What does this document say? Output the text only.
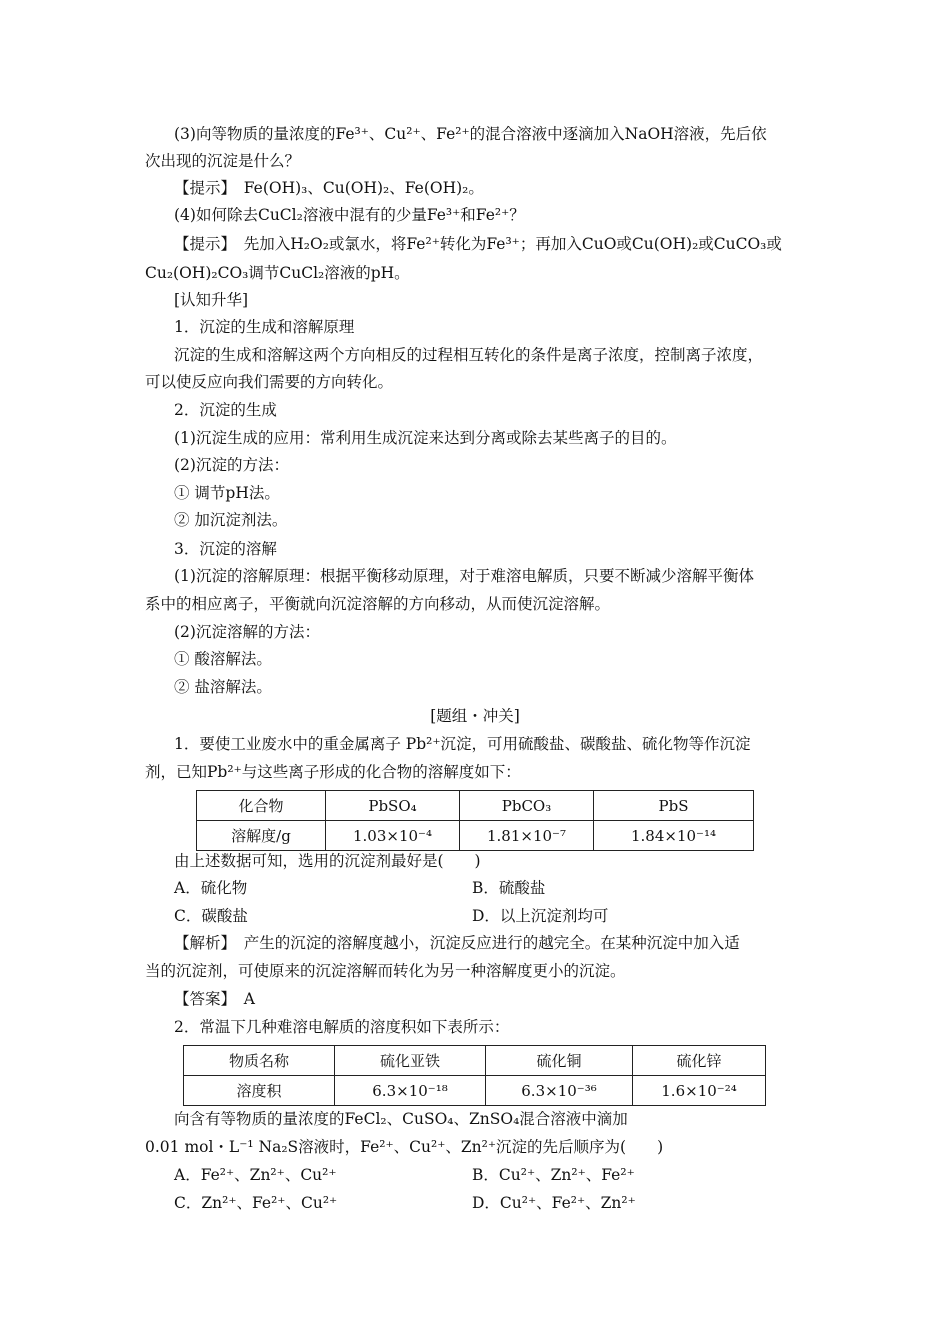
(3)向等物质的量浓度的Fe³⁺、Cu²⁺、Fe²⁺的混合溶液中逐滴加入NaOH溶液，先后依
次出现的沉淀是什么？
【提示】　Fe(OH)₃、Cu(OH)₂、Fe(OH)₂。
(4)如何除去CuCl₂溶液中混有的少量Fe³⁺和Fe²⁺？
【提示】　先加入H₂O₂或氯水，将Fe²⁺转化为Fe³⁺；再加入CuO或Cu(OH)₂或CuCO₃或
Cu₂(OH)₂CO₃调节CuCl₂溶液的pH。
[认知升华]
1．沉淀的生成和溶解原理
沉淀的生成和溶解这两个方向相反的过程相互转化的条件是离子浓度，控制离子浓度，
可以使反应向我们需要的方向转化。
2．沉淀的生成
(1)沉淀生成的应用：常利用生成沉淀来达到分离或除去某些离子的目的。
(2)沉淀的方法：
① 调节pH法。
② 加沉淀剂法。
3．沉淀的溶解
(1)沉淀的溶解原理：根据平衡移动原理，对于难溶电解质，只要不断减少溶解平衡体
系中的相应离子，平衡就向沉淀溶解的方向移动，从而使沉淀溶解。
(2)沉淀溶解的方法：
① 酸溶解法。
② 盐溶解法。
[题组・冲关]
1．要使工业废水中的重金属离子 Pb²⁺沉淀，可用硫酸盐、碳酸盐、硫化物等作沉淀
剂，已知Pb²⁺与这些离子形成的化合物的溶解度如下：
化合物	PbSO₄	PbCO₃	PbS
溶解度/g	1.03×10⁻⁴	1.81×10⁻⁷	1.84×10⁻¹⁴
由上述数据可知，选用的沉淀剂最好是(　　)
A．硫化物	B．硫酸盐
C．碳酸盐	D．以上沉淀剂均可
【解析】　产生的沉淀的溶解度越小，沉淀反应进行的越完全。在某种沉淀中加入适
当的沉淀剂，可使原来的沉淀溶解而转化为另一种溶解度更小的沉淀。
【答案】　A
2．常温下几种难溶电解质的溶度积如下表所示：
物质名称	硫化亚铁	硫化铜	硫化锌
溶度积	6.3×10⁻¹⁸	6.3×10⁻³⁶	1.6×10⁻²⁴
向含有等物质的量浓度的FeCl₂、CuSO₄、ZnSO₄混合溶液中滴加
0.01 mol・L⁻¹ Na₂S溶液时，Fe²⁺、Cu²⁺、Zn²⁺沉淀的先后顺序为(　　)
A．Fe²⁺、Zn²⁺、Cu²⁺	B．Cu²⁺、Zn²⁺、Fe²⁺
C．Zn²⁺、Fe²⁺、Cu²⁺	D．Cu²⁺、Fe²⁺、Zn²⁺
